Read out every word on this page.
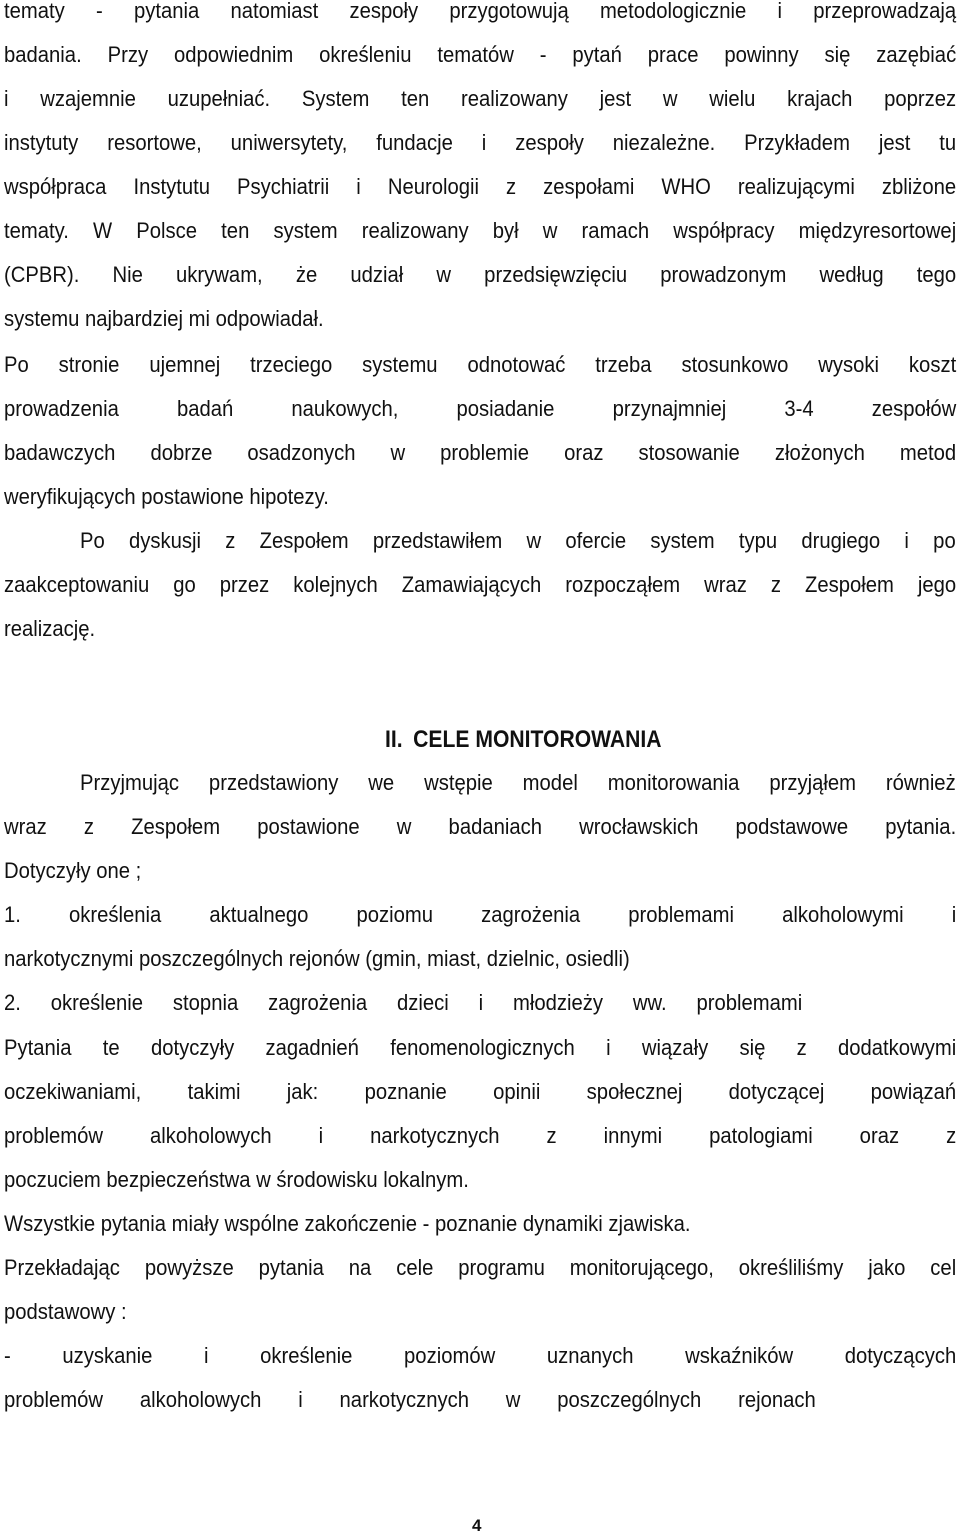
tematy - pytania natomiast zespoły przygotowują metodologicznie i przeprowadzają
badania. Przy odpowiednim określeniu tematów - pytań prace powinny się zazębiać
i wzajemnie uzupełniać. System ten realizowany jest w wielu krajach poprzez
instytuty resortowe, uniwersytety, fundacje i zespoły niezależne. Przykładem jest tu
współpraca Instytutu Psychiatrii i Neurologii z zespołami WHO realizującymi zbliżone
tematy. W Polsce ten system realizowany był w ramach współpracy międzyresortowej
(CPBR). Nie ukrywam, że udział w przedsięwzięciu prowadzonym według tego
systemu najbardziej mi odpowiadał.
Po stronie ujemnej trzeciego systemu odnotować trzeba stosunkowo wysoki koszt
prowadzenia badań naukowych, posiadanie przynajmniej 3-4 zespołów
badawczych dobrze osadzonych w problemie oraz stosowanie złożonych metod
weryfikujących postawione hipotezy.
Po dyskusji z Zespołem przedstawiłem w ofercie system typu drugiego i po
zaakceptowaniu go przez kolejnych Zamawiających rozpocząłem wraz z Zespołem jego
realizację.
II. CELE MONITOROWANIA
Przyjmując przedstawiony we wstępie model monitorowania przyjąłem również
wraz z Zespołem postawione w badaniach wrocławskich podstawowe pytania.
Dotyczyły one ;
1. określenia aktualnego poziomu zagrożenia problemami alkoholowymi i
narkotycznymi poszczególnych rejonów (gmin, miast, dzielnic, osiedli)
2. określenie stopnia zagrożenia dzieci i młodzieży ww. problemami
Pytania te dotyczyły zagadnień fenomenologicznych i wiązały się z dodatkowymi
oczekiwaniami, takimi jak: poznanie opinii społecznej dotyczącej powiązań
problemów alkoholowych i narkotycznych z innymi patologiami oraz z
poczuciem bezpieczeństwa w środowisku lokalnym.
Wszystkie pytania miały wspólne zakończenie - poznanie dynamiki zjawiska.
Przekładając powyższe pytania na cele programu monitorującego, określiliśmy jako cel
podstawowy :
- uzyskanie i określenie poziomów uznanych wskaźników dotyczących
problemów alkoholowych i narkotycznych w poszczególnych rejonach
4
